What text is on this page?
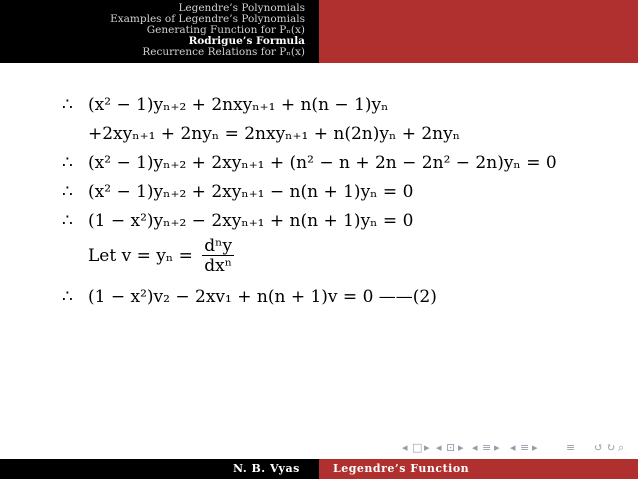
Legendre’s Polynomials
Examples of Legendre’s Polynomials
Generating Function for Pₙ(x)
Rodrigue’s Formula
Recurrence Relations for Pₙ(x)
∴ (x² − 1)yₙ₊₂ + 2nxyₙ₊₁ + n(n − 1)yₙ
+2xyₙ₊₁ + 2nyₙ = 2nxyₙ₊₁ + n(2n)yₙ + 2nyₙ
∴ (x² − 1)yₙ₊₂ + 2xyₙ₊₁ + (n² − n + 2n − 2n² − 2n)yₙ = 0
∴ (x² − 1)yₙ₊₂ + 2xyₙ₊₁ − n(n + 1)yₙ = 0
∴ (1 − x²)yₙ₊₂ − 2xyₙ₊₁ + n(n + 1)yₙ = 0
Let $v = y_n = \frac{\text{dⁿy}}{\text{dxⁿ}}$
∴ (1 − x²)v₂ − 2xv₁ + n(n + 1)v = 0 ——(2)
◂ □ ▸ ◂ ⊡ ▸ ◂ ≡ ▸ ◂ ≡ ▸	≡ ↺ ↻ ⌕
N. B. Vyas	Legendre’s Function
